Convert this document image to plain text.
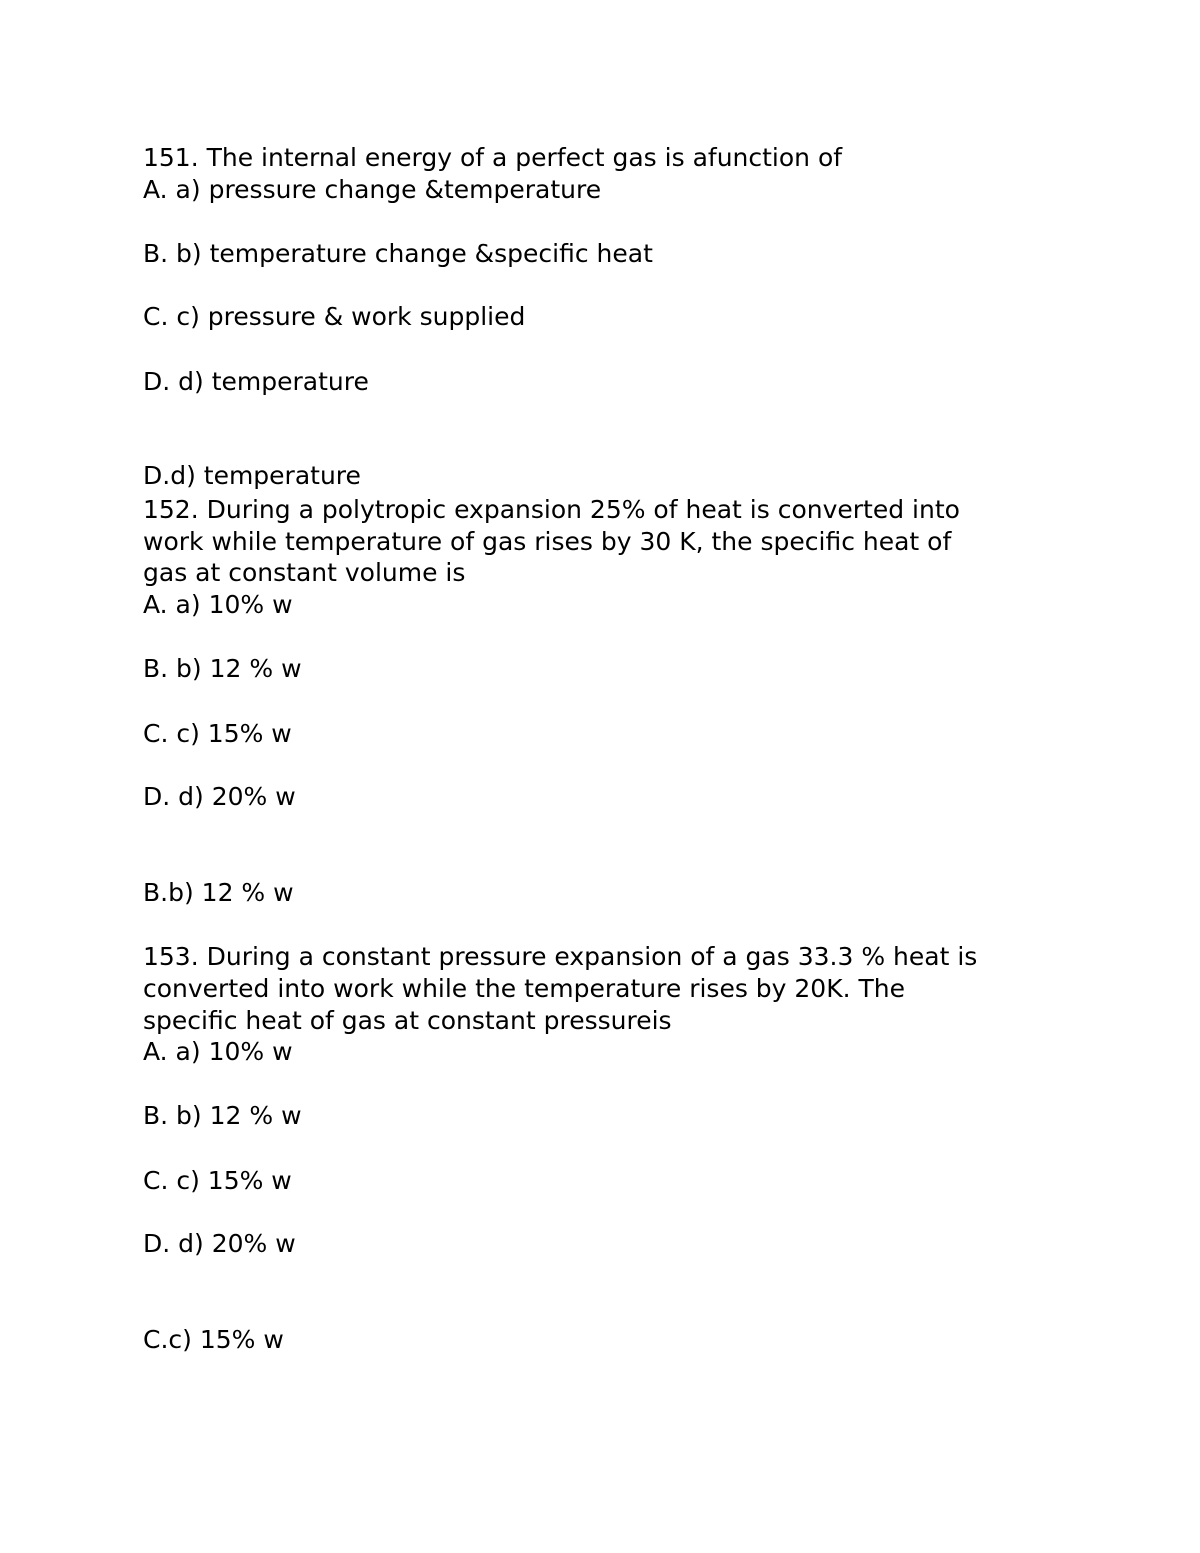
151. The internal energy of a perfect gas is afunction of
A. a) pressure change &temperature
B. b) temperature change &specific heat
C. c) pressure & work supplied
D. d) temperature
D.d) temperature
152. During a polytropic expansion 25% of heat is converted into
work while temperature of gas rises by 30 K, the specific heat of
gas at constant volume is
A. a) 10% w
B. b) 12 % w
C. c) 15% w
D. d) 20% w
B.b) 12 % w
153. During a constant pressure expansion of a gas 33.3 % heat is
converted into work while the temperature rises by 20K. The
specific heat of gas at constant pressureis
A. a) 10% w
B. b) 12 % w
C. c) 15% w
D. d) 20% w
C.c) 15% w
